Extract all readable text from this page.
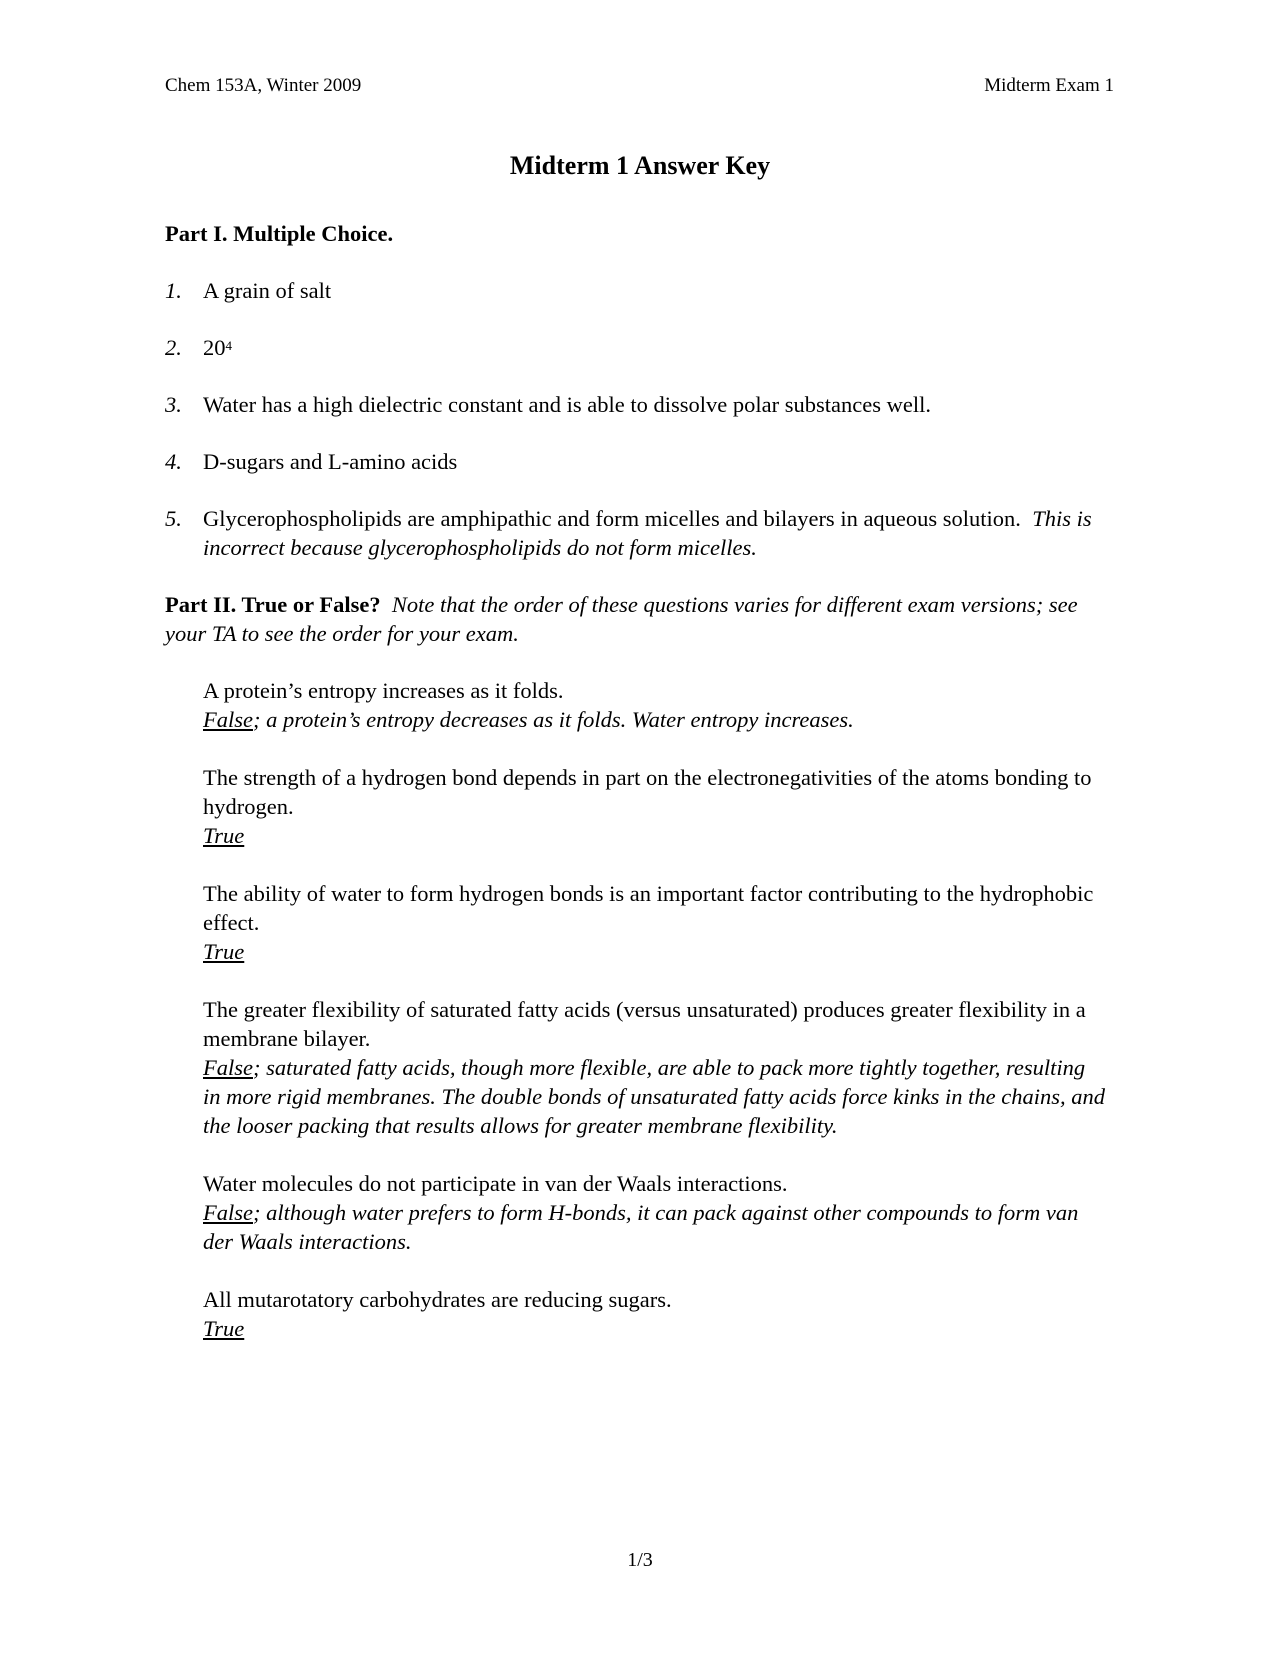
Chem 153A, Winter 2009	Midterm Exam 1
Midterm 1 Answer Key
Part I. Multiple Choice.
1. A grain of salt
2. $20^4$
3. Water has a high dielectric constant and is able to dissolve polar substances well.
4. D-sugars and L-amino acids
5. Glycerophospholipids are amphipathic and form micelles and bilayers in aqueous solution. This is incorrect because glycerophospholipids do not form micelles.
Part II. True or False? Note that the order of these questions varies for different exam versions; see your TA to see the order for your exam.
A protein’s entropy increases as it folds.
False; a protein’s entropy decreases as it folds. Water entropy increases.
The strength of a hydrogen bond depends in part on the electronegativities of the atoms bonding to hydrogen.
True
The ability of water to form hydrogen bonds is an important factor contributing to the hydrophobic effect.
True
The greater flexibility of saturated fatty acids (versus unsaturated) produces greater flexibility in a membrane bilayer.
False; saturated fatty acids, though more flexible, are able to pack more tightly together, resulting in more rigid membranes. The double bonds of unsaturated fatty acids force kinks in the chains, and the looser packing that results allows for greater membrane flexibility.
Water molecules do not participate in van der Waals interactions.
False; although water prefers to form H-bonds, it can pack against other compounds to form van der Waals interactions.
All mutarotatory carbohydrates are reducing sugars.
True
1/3
